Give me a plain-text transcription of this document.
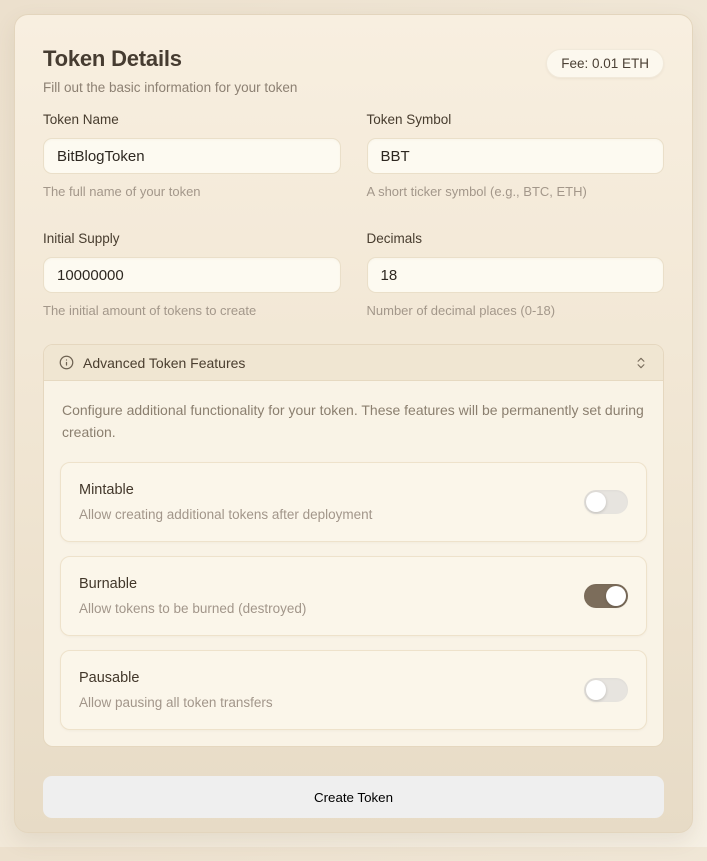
Token Details
Fill out the basic information for your token
Fee: 0.01 ETH
Token Name
BitBlogToken
The full name of your token
Token Symbol
BBT
A short ticker symbol (e.g., BTC, ETH)
Initial Supply
10000000
The initial amount of tokens to create
Decimals
18
Number of decimal places (0-18)
Advanced Token Features

Configure additional functionality for your token. These features will be permanently set during creation.

Mintable
Allow creating additional tokens after deployment
Burnable
Allow tokens to be burned (destroyed)
Pausable
Allow pausing all token transfers
Create Token
